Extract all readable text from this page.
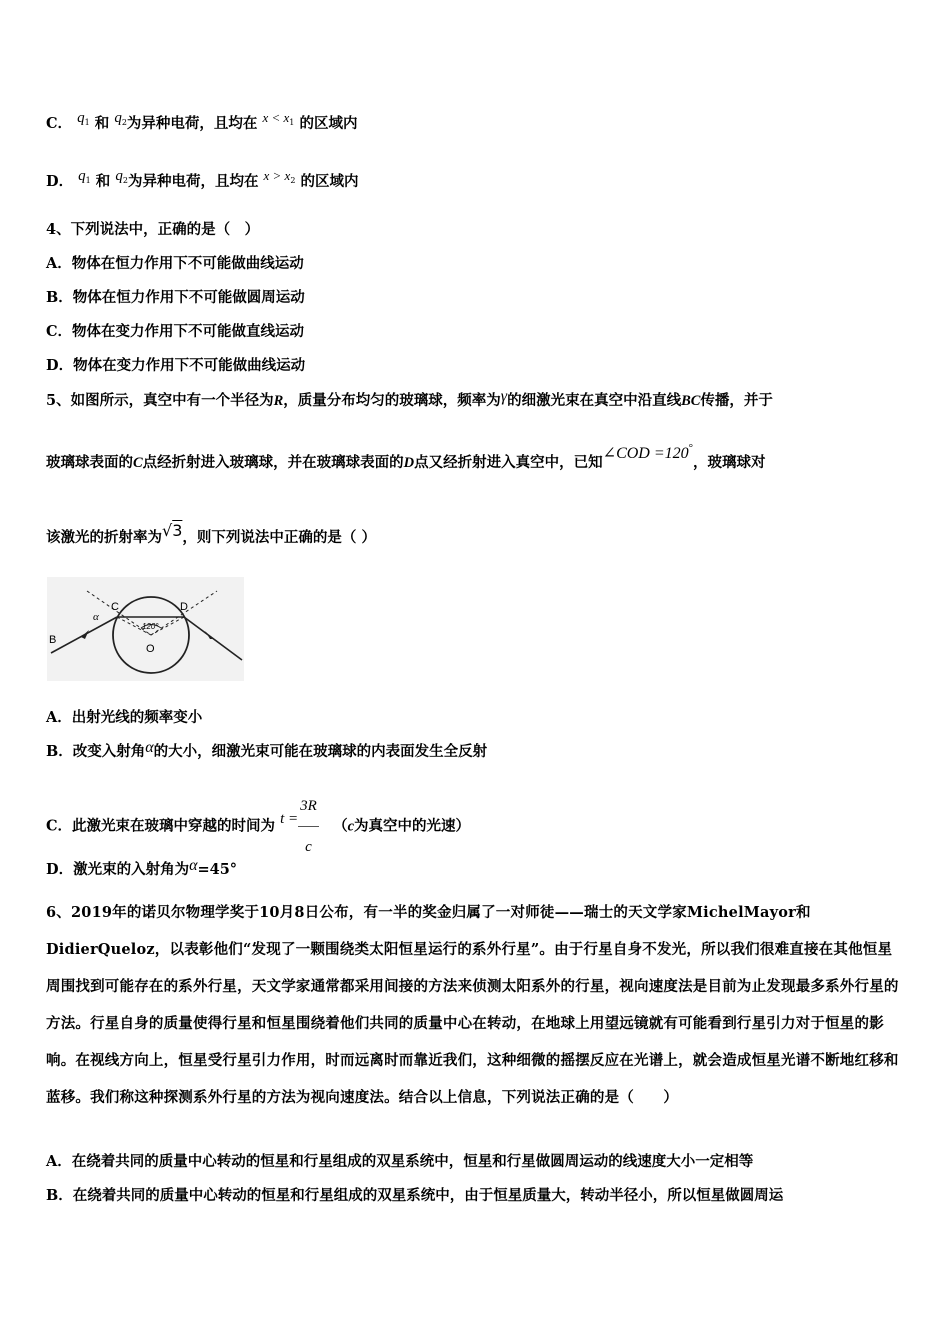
C． $q^1$ 和 $q^2$为异种电荷，且均在 $x < x^1$ 的区域内
D． $q^1$ 和 $q^2$为异种电荷，且均在 $x > x^2$ 的区域内
4、下列说法中，正确的是（　）
A．物体在恒力作用下不可能做曲线运动
B．物体在恒力作用下不可能做圆周运动
C．物体在变力作用下不可能做直线运动
D．物体在变力作用下不可能做曲线运动
5、如图所示，真空中有一个半径为R，质量分布均匀的玻璃球，频率为γ的细激光束在真空中沿直线BC传播，并于
玻璃球表面的C点经折射进入玻璃球，并在玻璃球表面的D点又经折射进入真空中，已知∠COD =120°，玻璃球对
该激光的折射率为√3，则下列说法中正确的是（ ）
B
C	D
O
α
120°
A．出射光线的频率变小
B．改变入射角α的大小，细激光束可能在玻璃球的内表面发生全反射
C．此激光束在玻璃中穿越的时间为 $t = \frac{3R}{c} (c$为真空中的光速）
D．激光束的入射角为α=45°
6、2019年的诺贝尔物理学奖于10月8日公布，有一半的奖金归属了一对师徒——瑞士的天文学家MichelMayor和DidierQueloz，以表彰他们“发现了一颗围绕类太阳恒星运行的系外行星”。由于行星自身不发光，所以我们很难直接在其他恒星周围找到可能存在的系外行星，天文学家通常都采用间接的方法来侦测太阳系外的行星，视向速度法是目前为止发现最多系外行星的方法。行星自身的质量使得行星和恒星围绕着他们共同的质量中心在转动，在地球上用望远镜就有可能看到行星引力对于恒星的影响。在视线方向上，恒星受行星引力作用，时而远离时而靠近我们，这种细微的摇摆反应在光谱上，就会造成恒星光谱不断地红移和蓝移。我们称这种探测系外行星的方法为视向速度法。结合以上信息，下列说法正确的是（　　）
A．在绕着共同的质量中心转动的恒星和行星组成的双星系统中，恒星和行星做圆周运动的线速度大小一定相等
B．在绕着共同的质量中心转动的恒星和行星组成的双星系统中，由于恒星质量大，转动半径小，所以恒星做圆周运
